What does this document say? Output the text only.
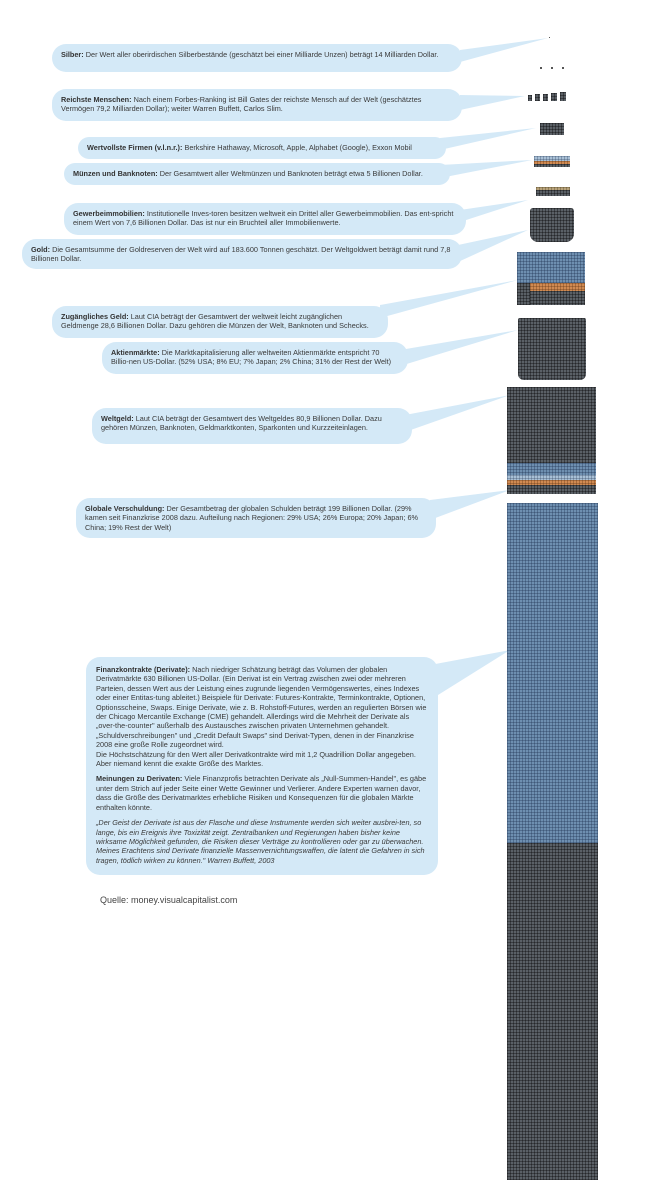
Silber: Der Wert aller oberirdischen Silberbestände (geschätzt bei einer Milliarde Unzen) beträgt 14 Milliarden Dollar.

Reichste Menschen: Nach einem Forbes-Ranking ist Bill Gates der reichste Mensch auf der Welt (geschätztes Vermögen 79,2 Milliarden Dollar); weiter Warren Buffett, Carlos Slim.

Wertvollste Firmen (v.l.n.r.): Berkshire Hathaway, Microsoft, Apple, Alphabet (Google), Exxon Mobil

Münzen und Banknoten: Der Gesamtwert aller Weltmünzen und Banknoten beträgt etwa 5 Billionen Dollar.

Gewerbeimmobilien: Institutionelle Inves-toren besitzen weltweit ein Drittel aller Gewerbeimmobilien. Das ent-spricht einem Wert von 7,6 Billionen Dollar. Das ist nur ein Bruchteil aller Immobilienwerte.

Gold: Die Gesamtsumme der Goldreserven der Welt wird auf 183.600 Tonnen geschätzt. Der Weltgoldwert beträgt damit rund 7,8 Billionen Dollar.

Zugängliches Geld: Laut CIA beträgt der Gesamtwert der weltweit leicht zugänglichen Geldmenge 28,6 Billionen Dollar. Dazu gehören die Münzen der Welt, Banknoten und Schecks.

Aktienmärkte: Die Marktkapitalisierung aller weltweiten Aktienmärkte entspricht 70 Billio-nen US-Dollar. (52% USA; 8% EU; 7% Japan; 2% China; 31% der Rest der Welt)

Weltgeld: Laut CIA beträgt der Gesamtwert des Weltgeldes 80,9 Billionen Dollar. Dazu gehören Münzen, Banknoten, Geldmarktkonten, Sparkonten und Kurzzeiteinlagen.

Globale Verschuldung: Der Gesamtbetrag der globalen Schulden beträgt 199 Billionen Dollar. (29% kamen seit Finanzkrise 2008 dazu. Aufteilung nach Regionen: 29% USA; 26% Europa; 20% Japan; 6% China; 19% Rest der Welt)

Finanzkontrakte (Derivate): Nach niedriger Schätzung beträgt das Volumen der globalen Derivatmärkte 630 Billionen US-Dollar. (Ein Derivat ist ein Vertrag zwischen zwei oder mehreren Parteien, dessen Wert aus der Leistung eines zugrunde liegenden Vermögenswertes, eines Indexes oder einer Entitas-tung ableitet.) Beispiele für Derivate: Futures-Kontrakte, Terminkontrakte, Optionen, Optionsscheine, Swaps. Einige Derivate, wie z. B. Rohstoff-Futures, werden an regulierten Börsen wie der Chicago Mercantile Exchange (CME) gehandelt. Allerdings wird die Mehrheit der Derivate als „over-the-counter" außerhalb des Austausches zwischen privaten Unternehmen gehandelt. „Schuldverschreibungen" und „Credit Default Swaps" sind Derivat-Typen, denen in der Finanzkrise 2008 eine große Rolle zugeordnet wird.

Die Höchstschätzung für den Wert aller Derivatkontrakte wird mit 1,2 Quadrillion Dollar angegeben. Aber niemand kennt die exakte Größe des Marktes.

Meinungen zu Derivaten: Viele Finanzprofis betrachten Derivate als „Null-Summen-Handel", es gäbe unter dem Strich auf jeder Seite einer Wette Gewinner und Verlierer. Andere Experten warnen davor, dass die Größe des Derivatmarktes erhebliche Risiken und Konsequenzen für die globalen Märkte enthalten könnte.

„Der Geist der Derivate ist aus der Flasche und diese Instrumente werden sich weiter ausbrei-ten, so lange, bis ein Ereignis ihre Toxizität zeigt. Zentralbanken und Regierungen haben bisher keine wirksame Möglichkeit gefunden, die Risiken dieser Verträge zu kontrollieren oder gar zu überwachen. Meines Erachtens sind Derivate finanzielle Massenvernichtungswaffen, die latent die Gefahren in sich tragen, tödlich wirken zu können." Warren Buffett, 2003

Quelle: money.visualcapitalist.com
